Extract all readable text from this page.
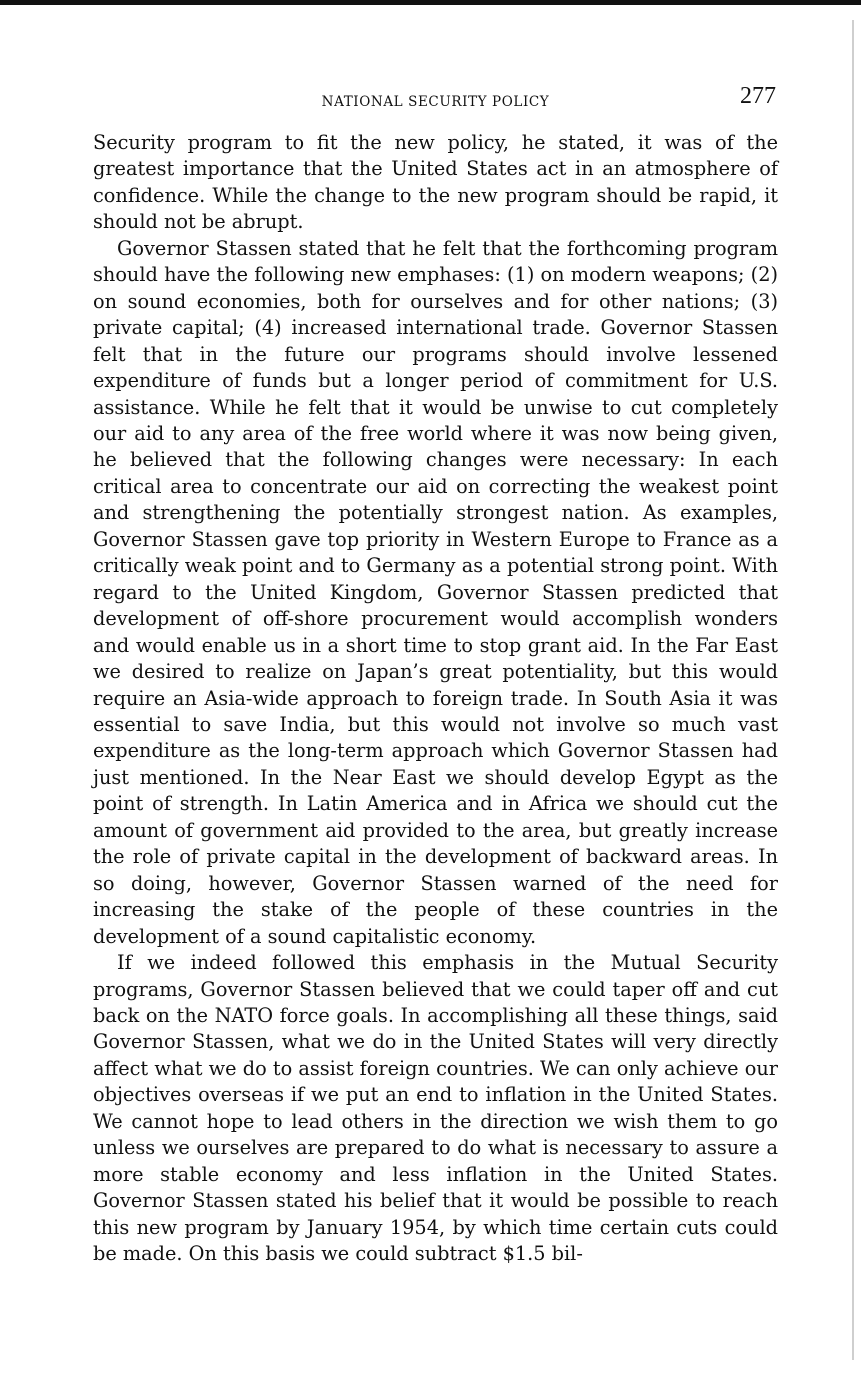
NATIONAL SECURITY POLICY	277

Security program to fit the new policy, he stated, it was of the greatest importance that the United States act in an atmosphere of confidence. While the change to the new program should be rapid, it should not be abrupt.

Governor Stassen stated that he felt that the forthcoming program should have the following new emphases: (1) on modern weapons; (2) on sound economies, both for ourselves and for other nations; (3) private capital; (4) increased international trade. Governor Stassen felt that in the future our programs should involve lessened expenditure of funds but a longer period of commitment for U.S. assistance. While he felt that it would be unwise to cut completely our aid to any area of the free world where it was now being given, he believed that the following changes were necessary: In each critical area to concentrate our aid on correcting the weakest point and strengthening the potentially strongest nation. As examples, Governor Stassen gave top priority in Western Europe to France as a critically weak point and to Germany as a potential strong point. With regard to the United Kingdom, Governor Stassen predicted that development of off-shore procurement would accomplish wonders and would enable us in a short time to stop grant aid. In the Far East we desired to realize on Japan’s great potentiality, but this would require an Asia-wide approach to foreign trade. In South Asia it was essential to save India, but this would not involve so much vast expenditure as the long-term approach which Governor Stassen had just mentioned. In the Near East we should develop Egypt as the point of strength. In Latin America and in Africa we should cut the amount of government aid provided to the area, but greatly increase the role of private capital in the development of backward areas. In so doing, however, Governor Stassen warned of the need for increasing the stake of the people of these countries in the development of a sound capitalistic economy.

If we indeed followed this emphasis in the Mutual Security programs, Governor Stassen believed that we could taper off and cut back on the NATO force goals. In accomplishing all these things, said Governor Stassen, what we do in the United States will very directly affect what we do to assist foreign countries. We can only achieve our objectives overseas if we put an end to inflation in the United States. We cannot hope to lead others in the direction we wish them to go unless we ourselves are prepared to do what is necessary to assure a more stable economy and less inflation in the United States. Governor Stassen stated his belief that it would be possible to reach this new program by January 1954, by which time certain cuts could be made. On this basis we could subtract $1.5 bil-
